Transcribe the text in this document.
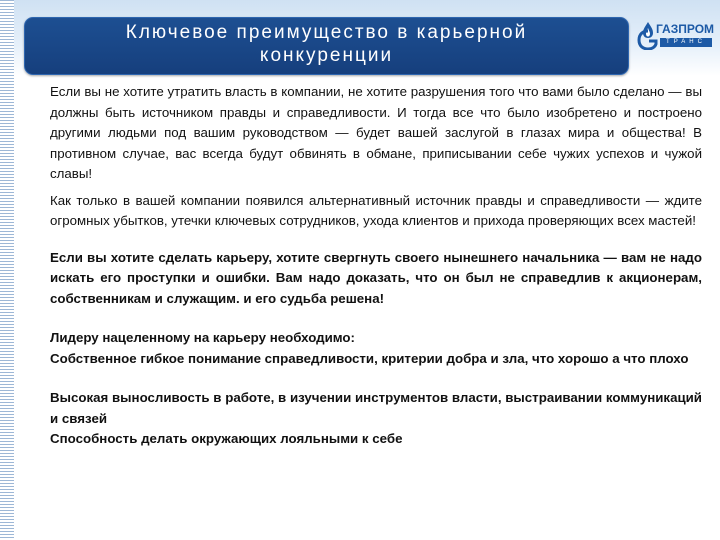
Ключевое преимущество в карьерной
конкуренции
ГАЗПРОМ
ТРАНС

Если вы не хотите утратить власть в компании, не хотите разрушения того что вами было сделано — вы должны быть источником правды и справедливости. И тогда все что было изобретено и построено другими людьми под вашим руководством — будет вашей заслугой в глазах мира и общества! В противном случае, вас всегда будут обвинять в обмане, приписывании себе чужих успехов и чужой славы!

Как только в вашей компании появился альтернативный источник правды и справедливости — ждите огромных убытков, утечки ключевых сотрудников, ухода клиентов и прихода проверяющих всех мастей!

Если вы хотите сделать карьеру, хотите свергнуть своего нынешнего начальника — вам не надо искать его проступки и ошибки. Вам надо доказать, что он был не справедлив к акционерам, собственникам и служащим. и его судьба решена!

Лидеру нацеленному на карьеру необходимо:

Собственное гибкое понимание справедливости, критерии добра и зла, что хорошо а что плохо

Высокая выносливость в работе, в изучении инструментов власти, выстраивании коммуникаций и связей

Способность делать окружающих лояльными к себе
